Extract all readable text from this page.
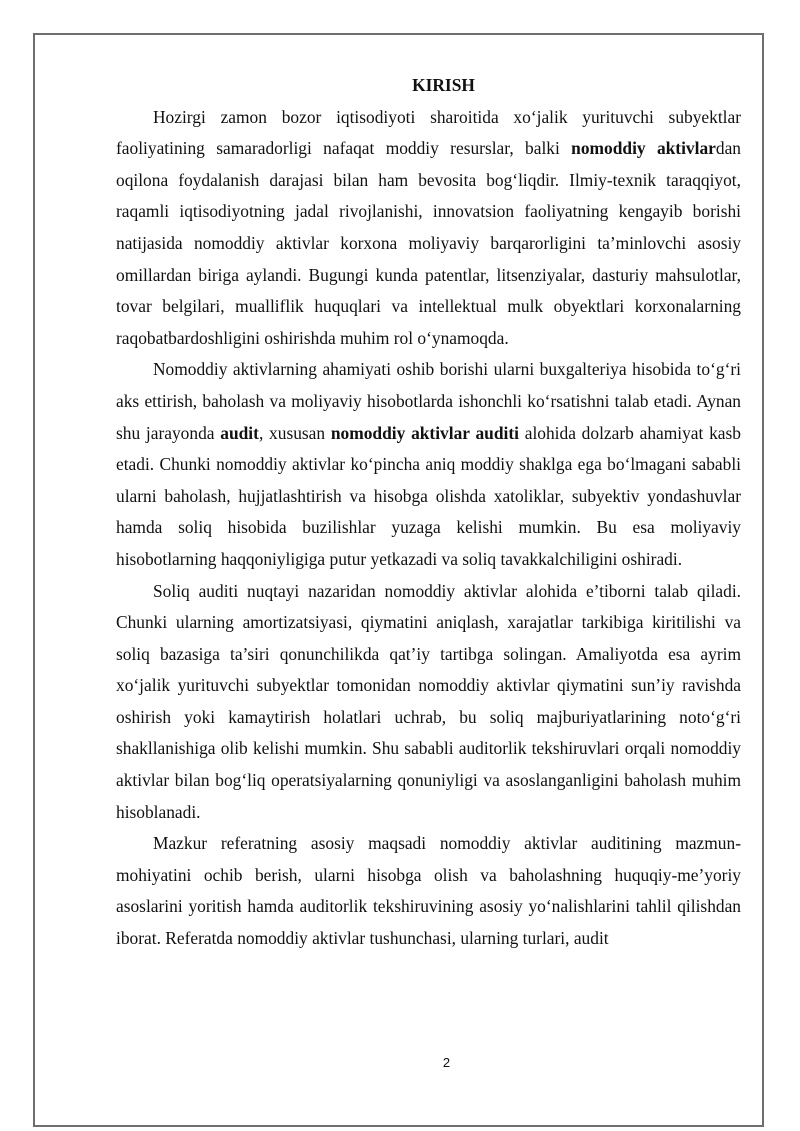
KIRISH

Hozirgi zamon bozor iqtisodiyoti sharoitida xo‘jalik yurituvchi subyektlar faoliyatining samaradorligi nafaqat moddiy resurslar, balki nomoddiy aktivlardan oqilona foydalanish darajasi bilan ham bevosita bog‘liqdir. Ilmiy-texnik taraqqiyot, raqamli iqtisodiyotning jadal rivojlanishi, innovatsion faoliyatning kengayib borishi natijasida nomoddiy aktivlar korxona moliyaviy barqarorligini ta’minlovchi asosiy omillardan biriga aylandi. Bugungi kunda patentlar, litsenziyalar, dasturiy mahsulotlar, tovar belgilari, mualliflik huquqlari va intellektual mulk obyektlari korxonalarning raqobatbardoshligini oshirishda muhim rol o‘ynamoqda.

Nomoddiy aktivlarning ahamiyati oshib borishi ularni buxgalteriya hisobida to‘g‘ri aks ettirish, baholash va moliyaviy hisobotlarda ishonchli ko‘rsatishni talab etadi. Aynan shu jarayonda audit, xususan nomoddiy aktivlar auditi alohida dolzarb ahamiyat kasb etadi. Chunki nomoddiy aktivlar ko‘pincha aniq moddiy shaklga ega bo‘lmagani sababli ularni baholash, hujjatlashtirish va hisobga olishda xatoliklar, subyektiv yondashuvlar hamda soliq hisobida buzilishlar yuzaga kelishi mumkin. Bu esa moliyaviy hisobotlarning haqqoniyligiga putur yetkazadi va soliq tavakkalchiligini oshiradi.

Soliq auditi nuqtayi nazaridan nomoddiy aktivlar alohida e’tiborni talab qiladi. Chunki ularning amortizatsiyasi, qiymatini aniqlash, xarajatlar tarkibiga kiritilishi va soliq bazasiga ta’siri qonunchilikda qat’iy tartibga solingan. Amaliyotda esa ayrim xo‘jalik yurituvchi subyektlar tomonidan nomoddiy aktivlar qiymatini sun’iy ravishda oshirish yoki kamaytirish holatlari uchrab, bu soliq majburiyatlarining noto‘g‘ri shakllanishiga olib kelishi mumkin. Shu sababli auditorlik tekshiruvlari orqali nomoddiy aktivlar bilan bog‘liq operatsiyalarning qonuniyligi va asoslanganligini baholash muhim hisoblanadi.

Mazkur referatning asosiy maqsadi nomoddiy aktivlar auditining mazmun-mohiyatini ochib berish, ularni hisobga olish va baholashning huquqiy-me’yoriy asoslarini yoritish hamda auditorlik tekshiruvining asosiy yo‘nalishlarini tahlil qilishdan iborat. Referatda nomoddiy aktivlar tushunchasi, ularning turlari, audit

2
